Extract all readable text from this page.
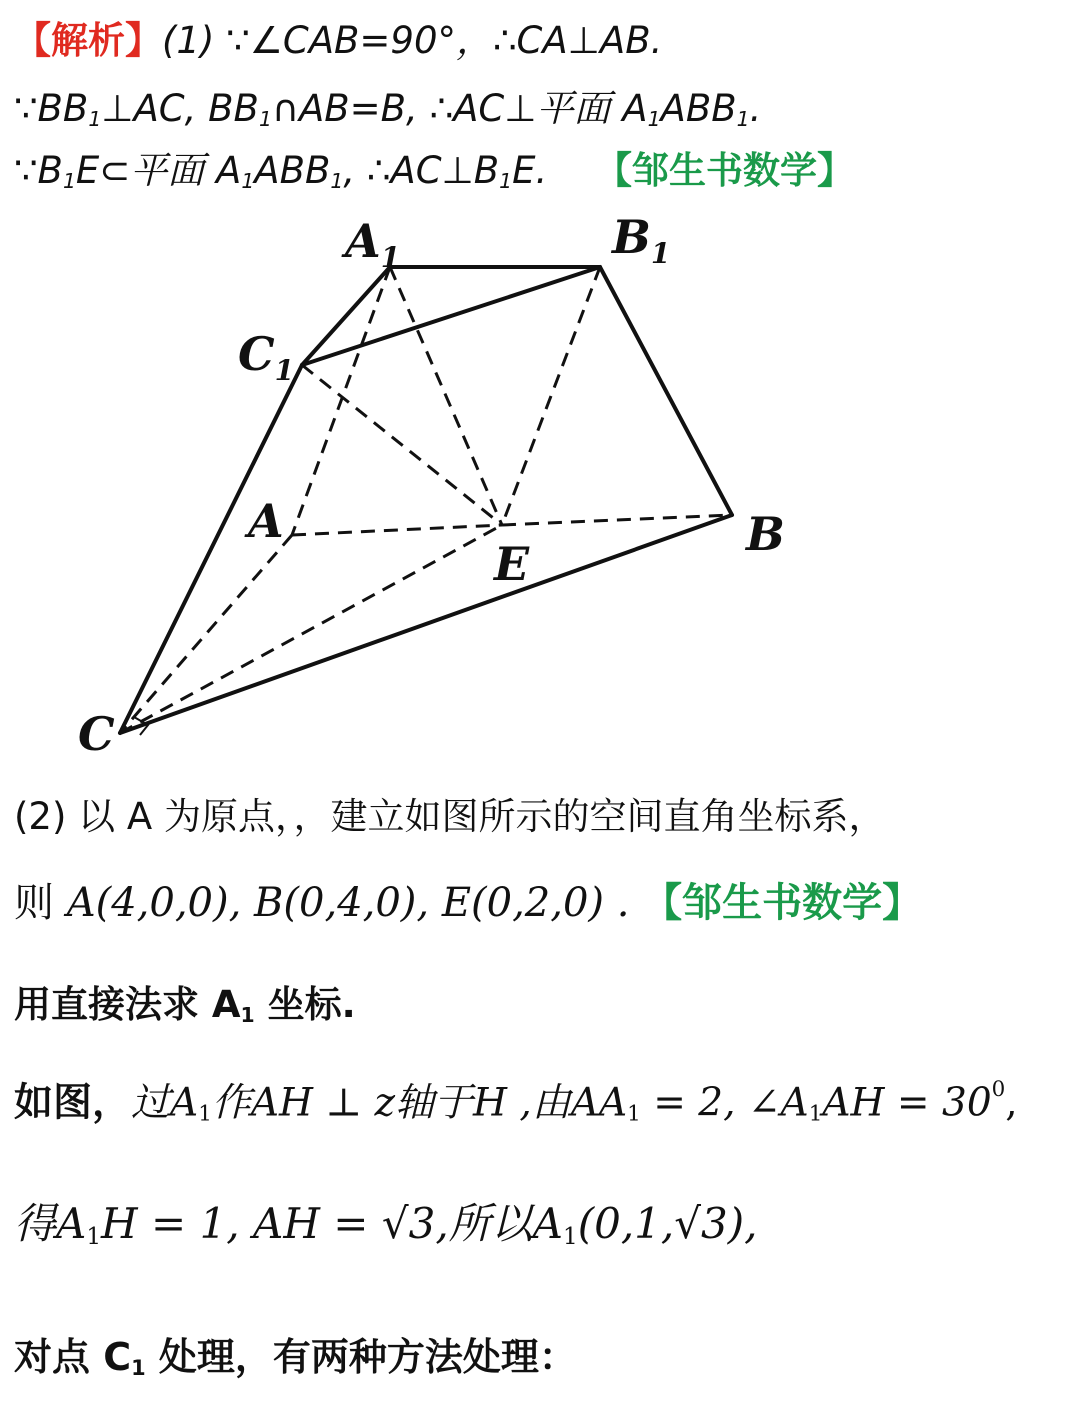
【解析】(1) ∵∠CAB=90°，∴CA⊥AB.
$\because BB_1\perp AC$, $BB_1\cap AB=B$, ∴AC⊥平面 $A_1ABB_1$.
$\because B_1E\subset$平面 $A_1ABB_1$, $\therefore AC\perp B_1E$. 【邹生书数学】
$A_1$	$B_1$
$C_1$
A	B
C
E
(2) 以 A 为原点，，建立如图所示的空间直角坐标系，
则 A(4,0,0), B(0,4,0), E(0,2,0) . 【邹生书数学】
用直接法求 $A_1$ 坐标.
如图，过$A_1$作AH ⊥ z轴于H ,由$AA_1 = 2$, $\angle A_1AH = 30^0$,
得$A_1H = 1$, AH = √3,所以$A_1(0,1,√3)$,
对点 $C_1$ 处理，有两种方法处理：
